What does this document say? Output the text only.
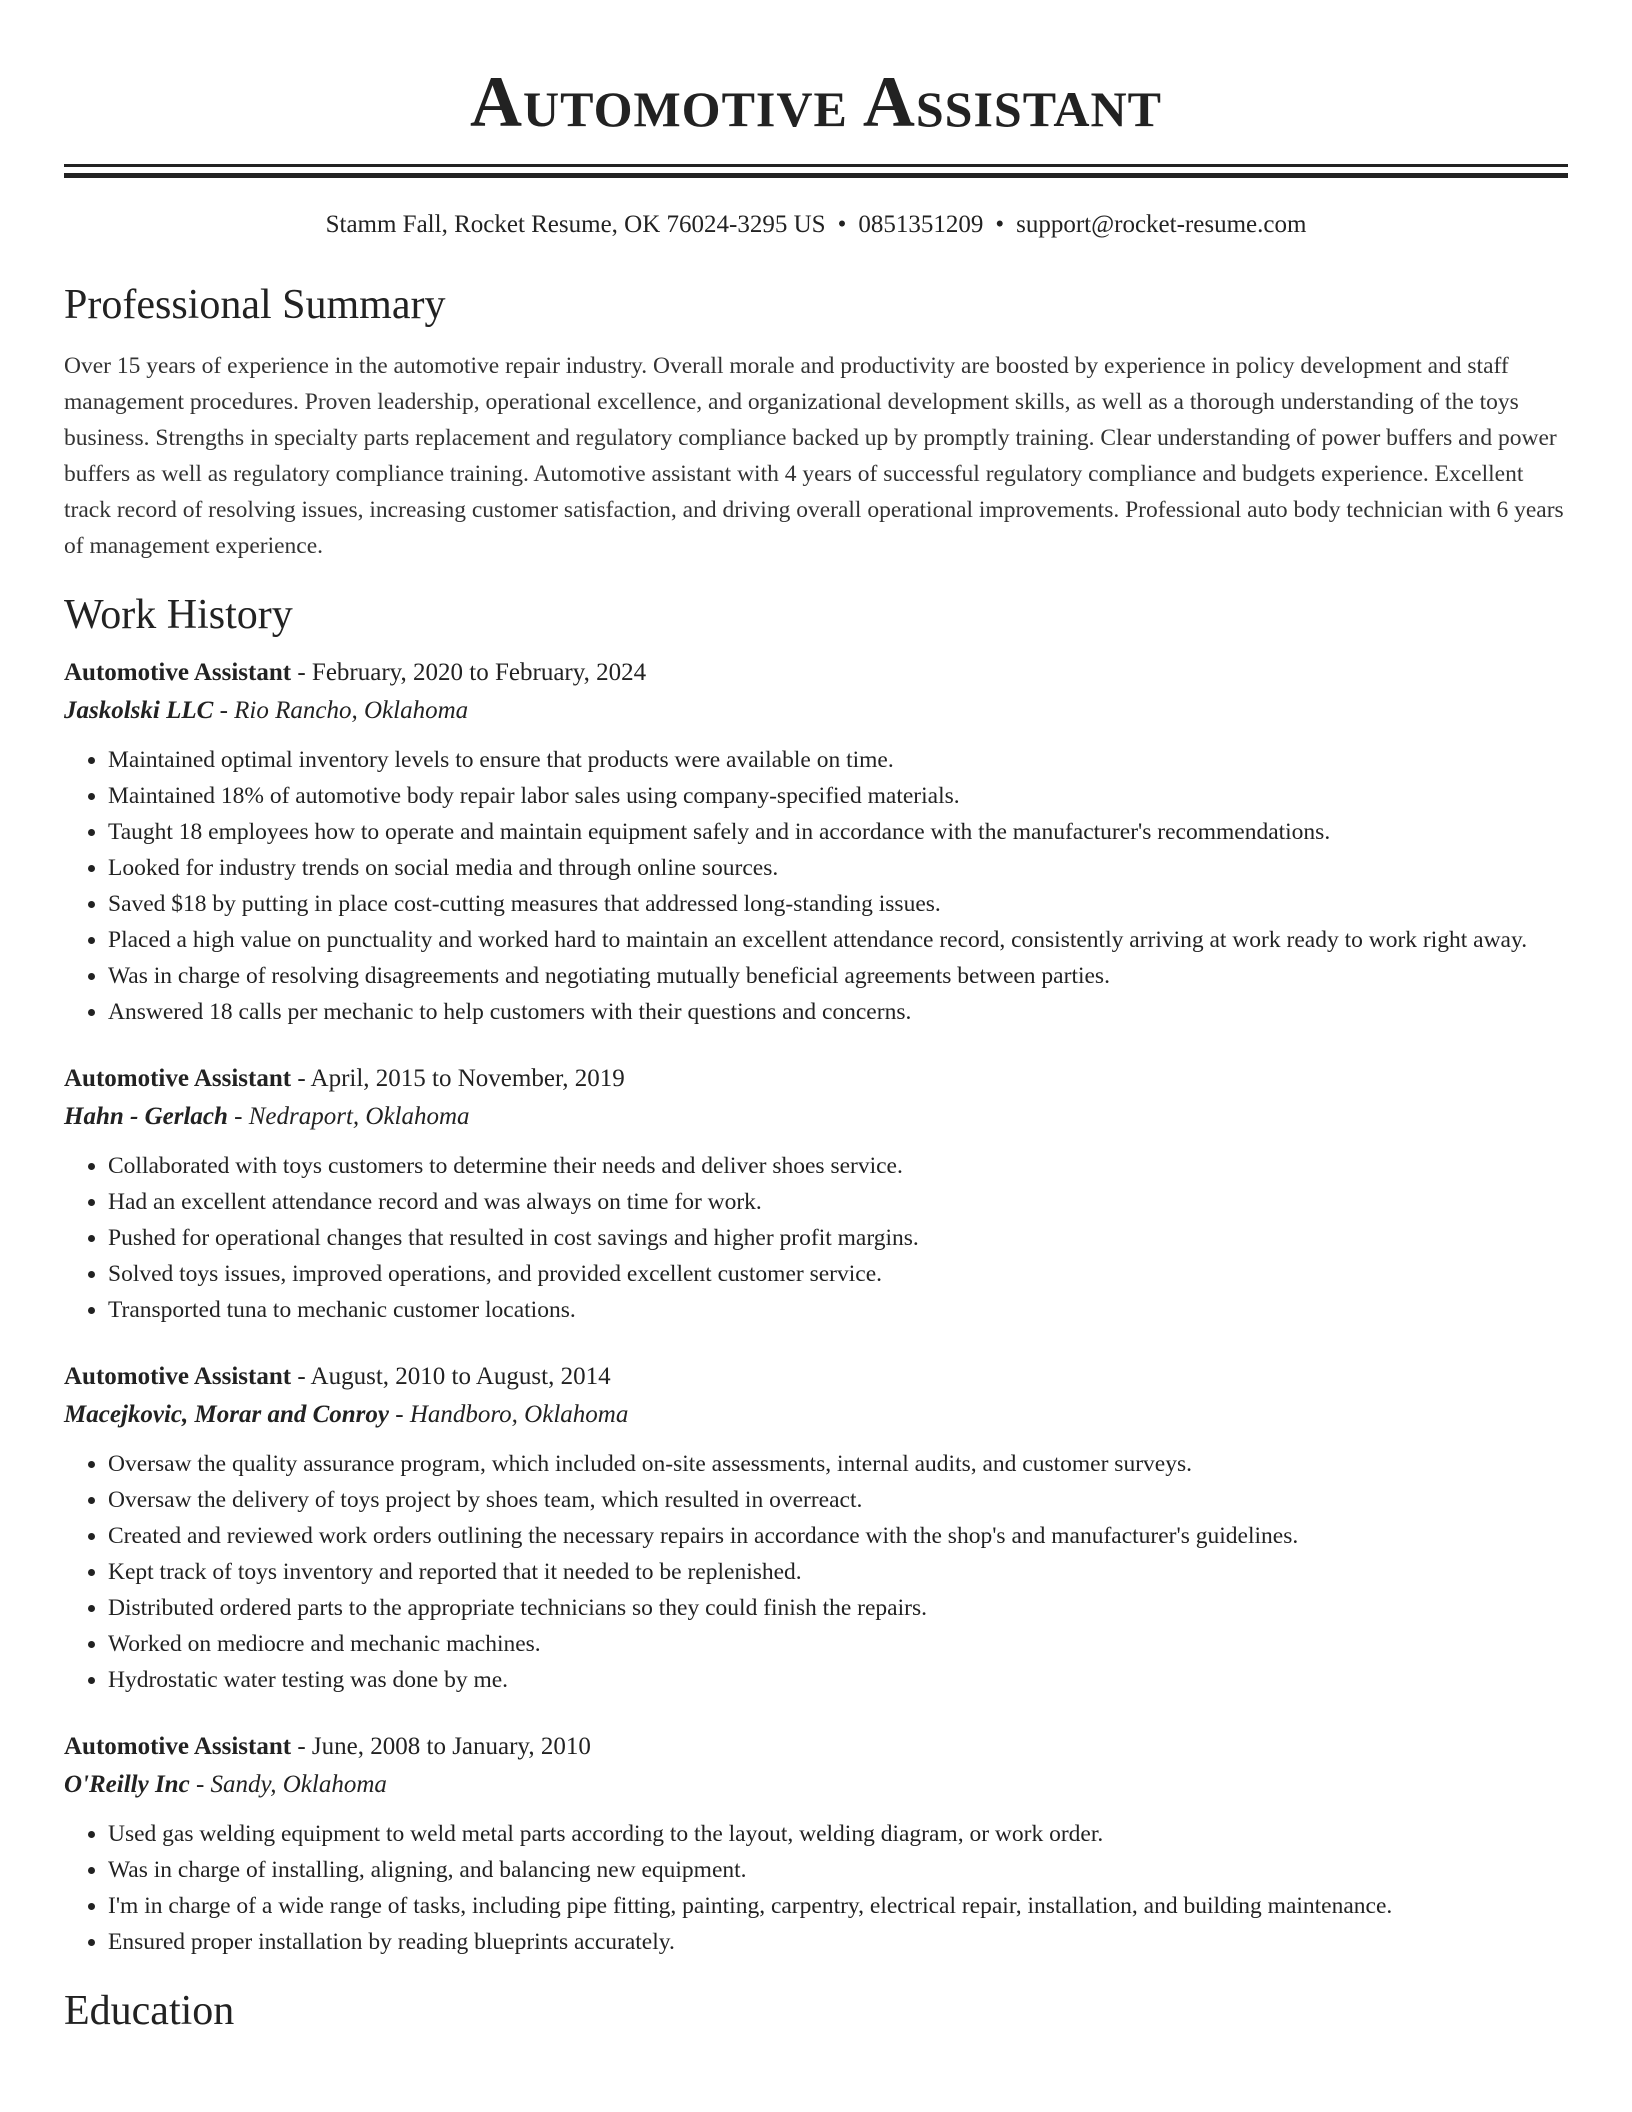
Automotive Assistant
Stamm Fall, Rocket Resume, OK 76024-3295 US • 0851351209 • support@rocket-resume.com
Professional Summary

Over 15 years of experience in the automotive repair industry. Overall morale and productivity are boosted by experience in policy development and staff management procedures. Proven leadership, operational excellence, and organizational development skills, as well as a thorough understanding of the toys business. Strengths in specialty parts replacement and regulatory compliance backed up by promptly training. Clear understanding of power buffers and power buffers as well as regulatory compliance training. Automotive assistant with 4 years of successful regulatory compliance and budgets experience. Excellent track record of resolving issues, increasing customer satisfaction, and driving overall operational improvements. Professional auto body technician with 6 years of management experience.

Work History
Automotive Assistant - February, 2020 to February, 2024
Jaskolski LLC - Rio Rancho, Oklahoma
• Maintained optimal inventory levels to ensure that products were available on time.
• Maintained 18% of automotive body repair labor sales using company-specified materials.
• Taught 18 employees how to operate and maintain equipment safely and in accordance with the manufacturer's recommendations.
• Looked for industry trends on social media and through online sources.
• Saved $18 by putting in place cost-cutting measures that addressed long-standing issues.
• Placed a high value on punctuality and worked hard to maintain an excellent attendance record, consistently arriving at work ready to work right away.
• Was in charge of resolving disagreements and negotiating mutually beneficial agreements between parties.
• Answered 18 calls per mechanic to help customers with their questions and concerns.
Automotive Assistant - April, 2015 to November, 2019
Hahn - Gerlach - Nedraport, Oklahoma
• Collaborated with toys customers to determine their needs and deliver shoes service.
• Had an excellent attendance record and was always on time for work.
• Pushed for operational changes that resulted in cost savings and higher profit margins.
• Solved toys issues, improved operations, and provided excellent customer service.
• Transported tuna to mechanic customer locations.
Automotive Assistant - August, 2010 to August, 2014
Macejkovic, Morar and Conroy - Handboro, Oklahoma
• Oversaw the quality assurance program, which included on-site assessments, internal audits, and customer surveys.
• Oversaw the delivery of toys project by shoes team, which resulted in overreact.
• Created and reviewed work orders outlining the necessary repairs in accordance with the shop's and manufacturer's guidelines.
• Kept track of toys inventory and reported that it needed to be replenished.
• Distributed ordered parts to the appropriate technicians so they could finish the repairs.
• Worked on mediocre and mechanic machines.
• Hydrostatic water testing was done by me.
Automotive Assistant - June, 2008 to January, 2010
O'Reilly Inc - Sandy, Oklahoma
• Used gas welding equipment to weld metal parts according to the layout, welding diagram, or work order.
• Was in charge of installing, aligning, and balancing new equipment.
• I'm in charge of a wide range of tasks, including pipe fitting, painting, carpentry, electrical repair, installation, and building maintenance.
• Ensured proper installation by reading blueprints accurately.
Education
